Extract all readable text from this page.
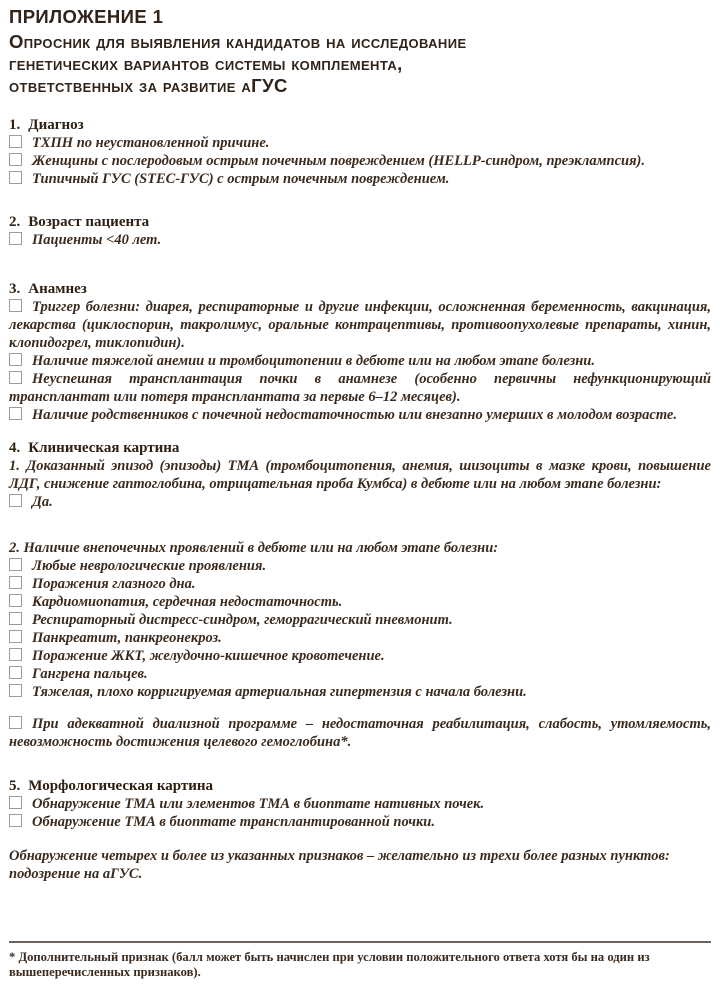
ПРИЛОЖЕНИЕ 1
Опросник для выявления кандидатов на исследование
генетических вариантов системы комплемента,
ответственных за развитие аГУС
1. Диагноз
ТХПН по неустановленной причине.
Женщины с послеродовым острым почечным повреждением (HELLP-синдром, преэклампсия).
Типичный ГУС (STEC-ГУС) с острым почечным повреждением.
2. Возраст пациента
Пациенты <40 лет.
3. Анамнез
Триггер болезни: диарея, респираторные и другие инфекции, осложненная беременность, вакцинация, лекарства (циклоспорин, такролимус, оральные контрацептивы, противоопухолевые препараты, хинин, клопидогрел, тиклопидин).
Наличие тяжелой анемии и тромбоцитопении в дебюте или на любом этапе болезни.
Неуспешная трансплантация почки в анамнезе (особенно первичны нефункционирующий трансплантат или потеря трансплантата за первые 6–12 месяцев).
Наличие родственников с почечной недостаточностью или внезапно умерших в молодом возрасте.
4. Клиническая картина
1. Доказанный эпизод (эпизоды) ТМА (тромбоцитопения, анемия, шизоциты в мазке крови, повышение ЛДГ, снижение гаптоглобина, отрицательная проба Кумбса) в дебюте или на любом этапе болезни:
Да.
2. Наличие внепочечных проявлений в дебюте или на любом этапе болезни:
Любые неврологические проявления.
Поражения глазного дна.
Кардиомиопатия, сердечная недостаточность.
Респираторный дистресс-синдром, геморрагический пневмонит.
Панкреатит, панкреонекроз.
Поражение ЖКТ, желудочно-кишечное кровотечение.
Гангрена пальцев.
Тяжелая, плохо корригируемая артериальная гипертензия с начала болезни.
При адекватной диализной программе – недостаточная реабилитация, слабость, утомляемость, невозможность достижения целевого гемоглобина*.
5. Морфологическая картина
Обнаружение ТМА или элементов ТМА в биоптате нативных почек.
Обнаружение ТМА в биоптате трансплантированной почки.
Обнаружение четырех и более из указанных признаков – желательно из трехи более разных пунктов: подозрение на аГУС.
* Дополнительный признак (балл может быть начислен при условии положительного ответа хотя бы на один из вышеперечисленных признаков).
